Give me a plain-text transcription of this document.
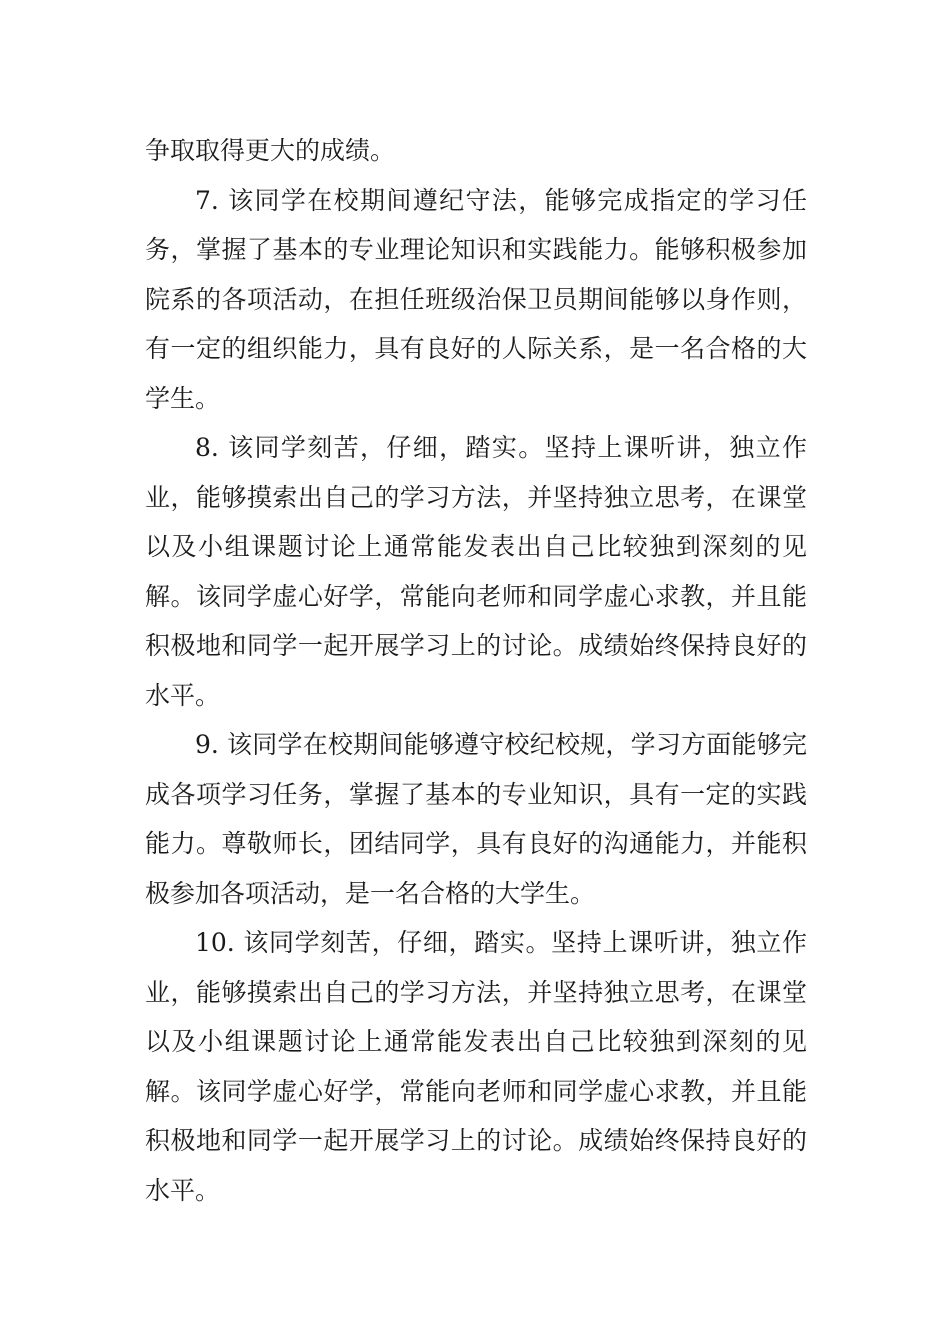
争取取得更大的成绩。

7. 该同学在校期间遵纪守法，能够完成指定的学习任务，掌握了基本的专业理论知识和实践能力。能够积极参加院系的各项活动，在担任班级治保卫员期间能够以身作则，有一定的组织能力，具有良好的人际关系，是一名合格的大学生。

8. 该同学刻苦，仔细，踏实。坚持上课听讲，独立作业，能够摸索出自己的学习方法，并坚持独立思考，在课堂以及小组课题讨论上通常能发表出自己比较独到深刻的见解。该同学虚心好学，常能向老师和同学虚心求教，并且能积极地和同学一起开展学习上的讨论。成绩始终保持良好的水平。

9. 该同学在校期间能够遵守校纪校规，学习方面能够完成各项学习任务，掌握了基本的专业知识，具有一定的实践能力。尊敬师长，团结同学，具有良好的沟通能力，并能积极参加各项活动，是一名合格的大学生。

10. 该同学刻苦，仔细，踏实。坚持上课听讲，独立作业，能够摸索出自己的学习方法，并坚持独立思考，在课堂以及小组课题讨论上通常能发表出自己比较独到深刻的见解。该同学虚心好学，常能向老师和同学虚心求教，并且能积极地和同学一起开展学习上的讨论。成绩始终保持良好的水平。
